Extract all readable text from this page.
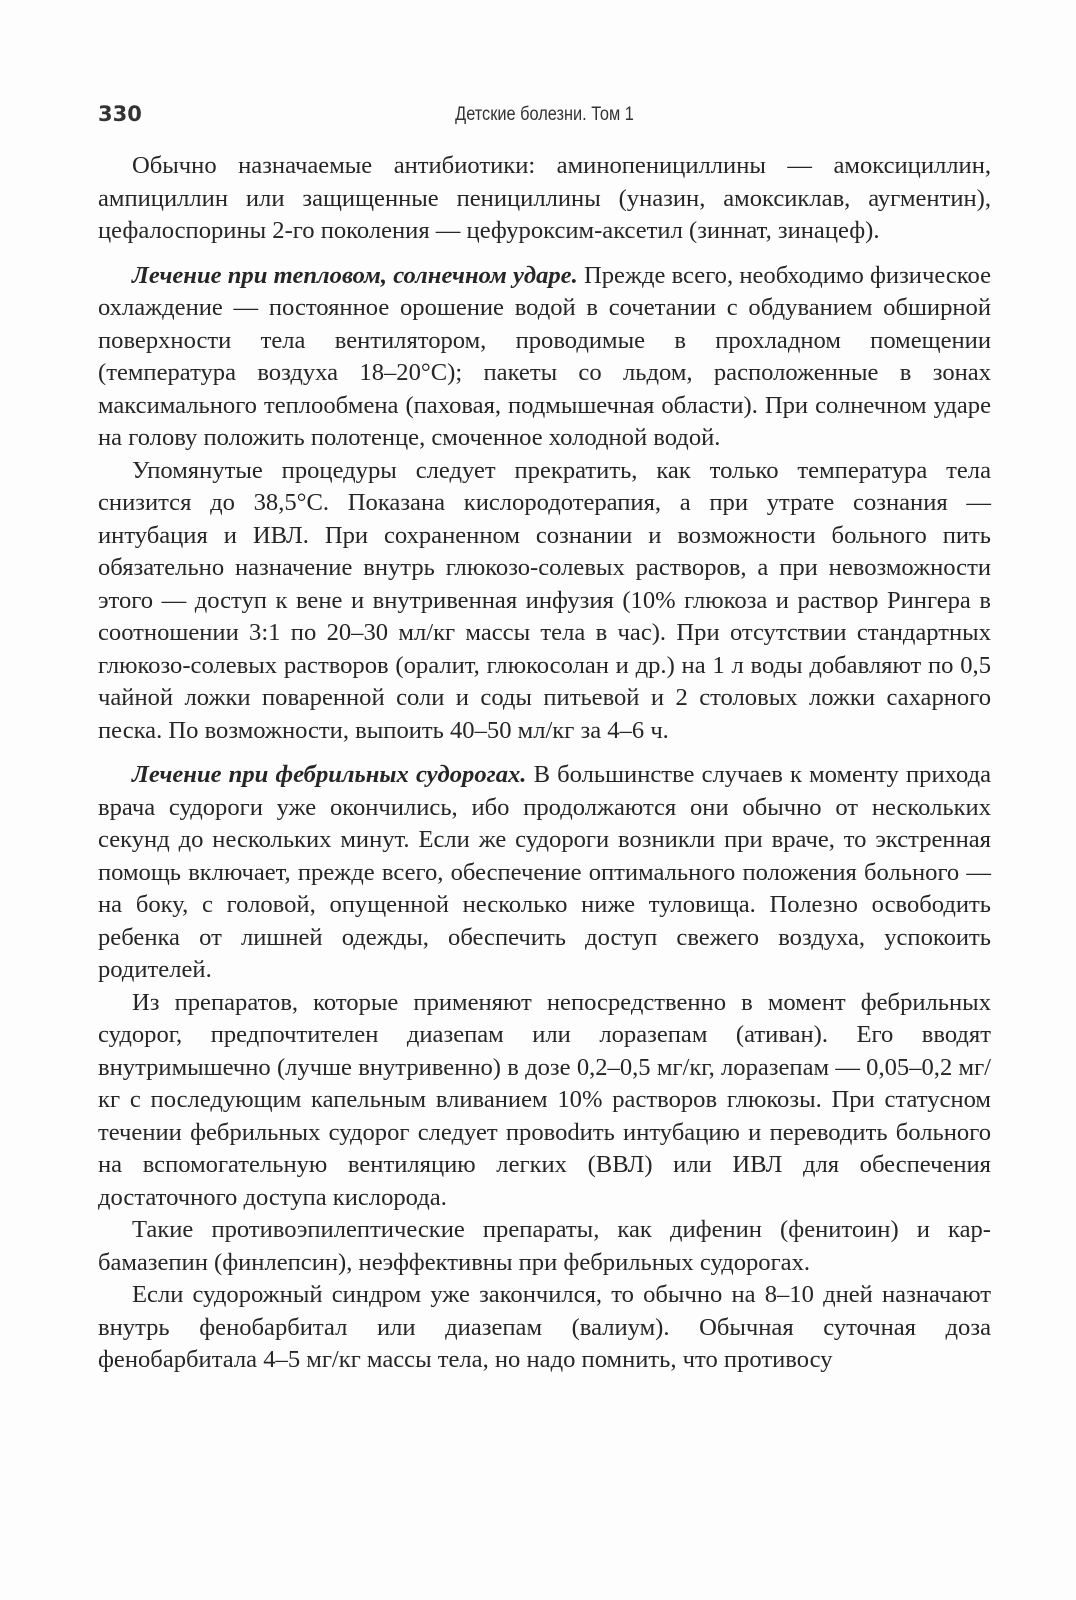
330	Детские болезни. Том 1

Обычно назначаемые антибиотики: аминопенициллины — амоксициллин, ампициллин или защищенные пенициллины (уназин, амоксиклав, аугментин), цефалоспорины 2-го поколения — цефуроксим-аксетил (зиннат, зинацеф).

Лечение при тепловом, солнечном ударе. Прежде всего, необходимо физическое охлаждение — постоянное орошение водой в сочетании с обдуванием обширной поверхности тела вентилятором, проводимые в прохладном помещении (температура воздуха 18–20°С); пакеты со льдом, расположенные в зонах максимального теплообмена (паховая, подмышечная области). При солнечном ударе на голову положить полотенце, смоченное холодной водой.

Упомянутые процедуры следует прекратить, как только температура тела снизится до 38,5°С. Показана кислородотерапия, а при утрате сознания — интубация и ИВЛ. При сохраненном сознании и возможности больного пить обязательно назначение внутрь глюкозо-солевых растворов, а при невозможности этого — доступ к вене и внутривенная инфузия (10% глюкоза и раствор Рингера в соотношении 3:1 по 20–30 мл/кг массы тела в час). При отсутствии стандартных глюкозо-солевых растворов (оралит, глюкосолан и др.) на 1 л воды добавляют по 0,5 чайной ложки поваренной соли и соды питьевой и 2 столовых ложки сахарного песка. По возможности, выпоить 40–50 мл/кг за 4–6 ч.

Лечение при фебрильных судорогах. В большинстве случаев к моменту прихода врача судороги уже окончились, ибо продолжаются они обычно от нескольких секунд до нескольких минут. Если же судороги возникли при враче, то экстренная помощь включает, прежде всего, обеспечение оптимального положения больного — на боку, с головой, опущенной несколько ниже туловища. Полезно освободить ребенка от лишней одежды, обеспечить доступ свежего воздуха, успокоить родителей.

Из препаратов, которые применяют непосредственно в момент фебрильных судорог, предпочтителен диазепам или лоразепам (ативан). Его вводят внутримышечно (лучше внутривенно) в дозе 0,2–0,5 мг/кг, лоразепам — 0,05–0,2 мг/кг с последующим капельным вливанием 10% растворов глюкозы. При статусном течении фебрильных судорог следует провоdить интубацию и переводить больного на вспомогательную вентиляцию легких (ВВЛ) или ИВЛ для обеспечения достаточного доступа кислорода.

Такие противоэпилептические препараты, как дифенин (фенитоин) и карбамазепин (финлепсин), неэффективны при фебрильных судорогах.

Если судорожный синдром уже закончился, то обычно на 8–10 дней назначают внутрь фенобарбитал или диазепам (валиум). Обычная суточная доза фенобарбитала 4–5 мг/кг массы тела, но надо помнить, что противосу
